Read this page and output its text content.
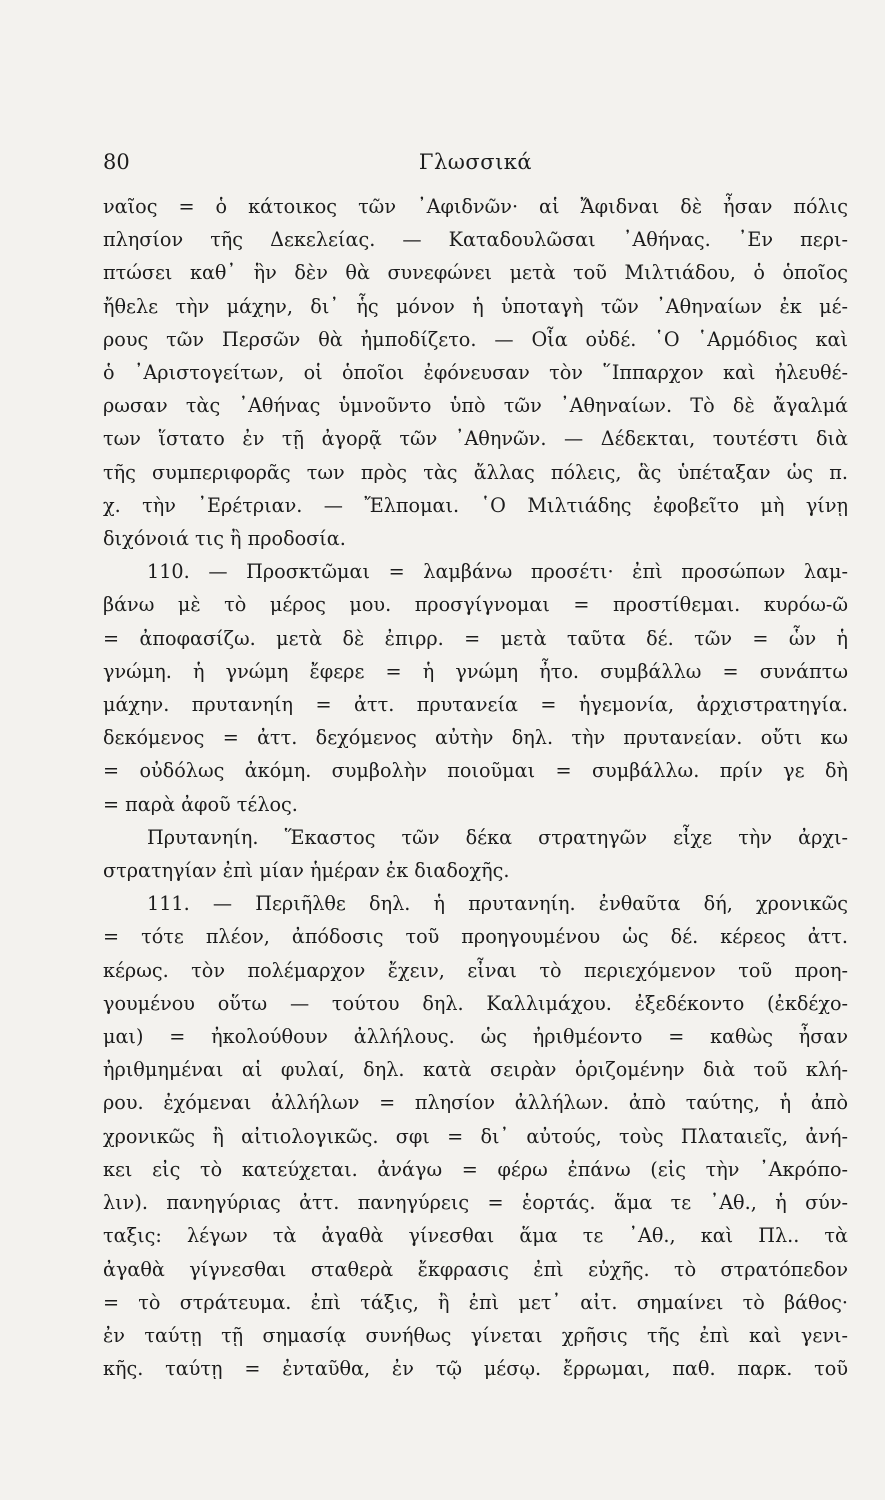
80	Γλωσσικά
ναῖος = ὁ κάτοικος τῶν ᾿Αφιδνῶν· αἱ Ἄφιδναι δὲ ἦσαν πόλις
πλησίον τῆς Δεκελείας. — Καταδουλῶσαι ᾿Αθήνας. ᾿Εν περι-
πτώσει καθ᾿ ἣν δὲν θὰ συνεφώνει μετὰ τοῦ Μιλτιάδου, ὁ ὁποῖος
ἤθελε τὴν μάχην, δι᾿ ἧς μόνον ἡ ὑποταγὴ τῶν ᾿Αθηναίων ἐκ μέ-
ρους τῶν Περσῶν θὰ ἠμποδίζετο. — Οἷα οὐδέ. ῾Ο ῾Αρμόδιος καὶ
ὁ ᾿Αριστογείτων, οἱ ὁποῖοι ἐφόνευσαν τὸν ῞Ιππαρχον καὶ ἠλευθέ-
ρωσαν τὰς ᾿Αθήνας ὑμνοῦντο ὑπὸ τῶν ᾿Αθηναίων. Τὸ δὲ ἄγαλμά
των ἵστατο ἐν τῇ ἀγορᾷ τῶν ᾿Αθηνῶν. — Δέδεκται, τουτέστι διὰ
τῆς συμπεριφορᾶς των πρὸς τὰς ἄλλας πόλεις, ἃς ὑπέταξαν ὡς π.
χ. τὴν ᾿Ερέτριαν. — Ἔλπομαι. ῾Ο Μιλτιάδης ἐφοβεῖτο μὴ γίνῃ
διχόνοιά τις ἢ προδοσία.
110. — Προσκτῶμαι = λαμβάνω προσέτι· ἐπὶ προσώπων λαμ-
βάνω μὲ τὸ μέρος μου. προσγίγνομαι = προστίθεμαι. κυρόω-ῶ
= ἀποφασίζω. μετὰ δὲ ἐπιρρ. = μετὰ ταῦτα δέ. τῶν = ὧν ἡ
γνώμη. ἡ γνώμη ἔφερε = ἡ γνώμη ἦτο. συμβάλλω = συνάπτω
μάχην. πρυτανηίη = ἀττ. πρυτανεία = ἡγεμονία, ἀρχιστρατηγία.
δεκόμενος = ἀττ. δεχόμενος αὐτὴν δηλ. τὴν πρυτανείαν. οὔτι κω
= οὐδόλως ἀκόμη. συμβολὴν ποιοῦμαι = συμβάλλω. πρίν γε δὴ
= παρὰ ἀφοῦ τέλος.
Πρυτανηίη. Ἕκαστος τῶν δέκα στρατηγῶν εἶχε τὴν ἀρχι-
στρατηγίαν ἐπὶ μίαν ἡμέραν ἐκ διαδοχῆς.
111. — Περιῆλθε δηλ. ἡ πρυτανηίη. ἐνθαῦτα δή, χρονικῶς
= τότε πλέον, ἀπόδοσις τοῦ προηγουμένου ὡς δέ. κέρεος ἀττ.
κέρως. τὸν πολέμαρχον ἔχειν, εἶναι τὸ περιεχόμενον τοῦ προη-
γουμένου οὕτω — τούτου δηλ. Καλλιμάχου. ἐξεδέκοντο (ἐκδέχο-
μαι) = ἠκολούθουν ἀλλήλους. ὡς ἠριθμέοντο = καθὼς ἦσαν
ἠριθμημέναι αἱ φυλαί, δηλ. κατὰ σειρὰν ὁριζομένην διὰ τοῦ κλή-
ρου. ἐχόμεναι ἀλλήλων = πλησίον ἀλλήλων. ἀπὸ ταύτης, ἡ ἀπὸ
χρονικῶς ἢ αἰτιολογικῶς. σφι = δι᾿ αὐτούς, τοὺς Πλαταιεῖς, ἀνή-
κει εἰς τὸ κατεύχεται. ἀνάγω = φέρω ἐπάνω (εἰς τὴν ᾿Ακρόπο-
λιν). πανηγύριας ἀττ. πανηγύρεις = ἑορτάς. ἅμα τε ᾿Αθ., ἡ σύν-
ταξις: λέγων τὰ ἀγαθὰ γίνεσθαι ἅμα τε ᾿Αθ., καὶ Πλ.. τὰ
ἀγαθὰ γίγνεσθαι σταθερὰ ἔκφρασις ἐπὶ εὐχῆς. τὸ στρατόπεδον
= τὸ στράτευμα. ἐπὶ τάξις, ἢ ἐπὶ μετ᾿ αἰτ. σημαίνει τὸ βάθος·
ἐν ταύτῃ τῇ σημασίᾳ συνήθως γίνεται χρῆσις τῆς ἐπὶ καὶ γενι-
κῆς. ταύτῃ = ἐνταῦθα, ἐν τῷ μέσῳ. ἔρρωμαι, παθ. παρκ. τοῦ
